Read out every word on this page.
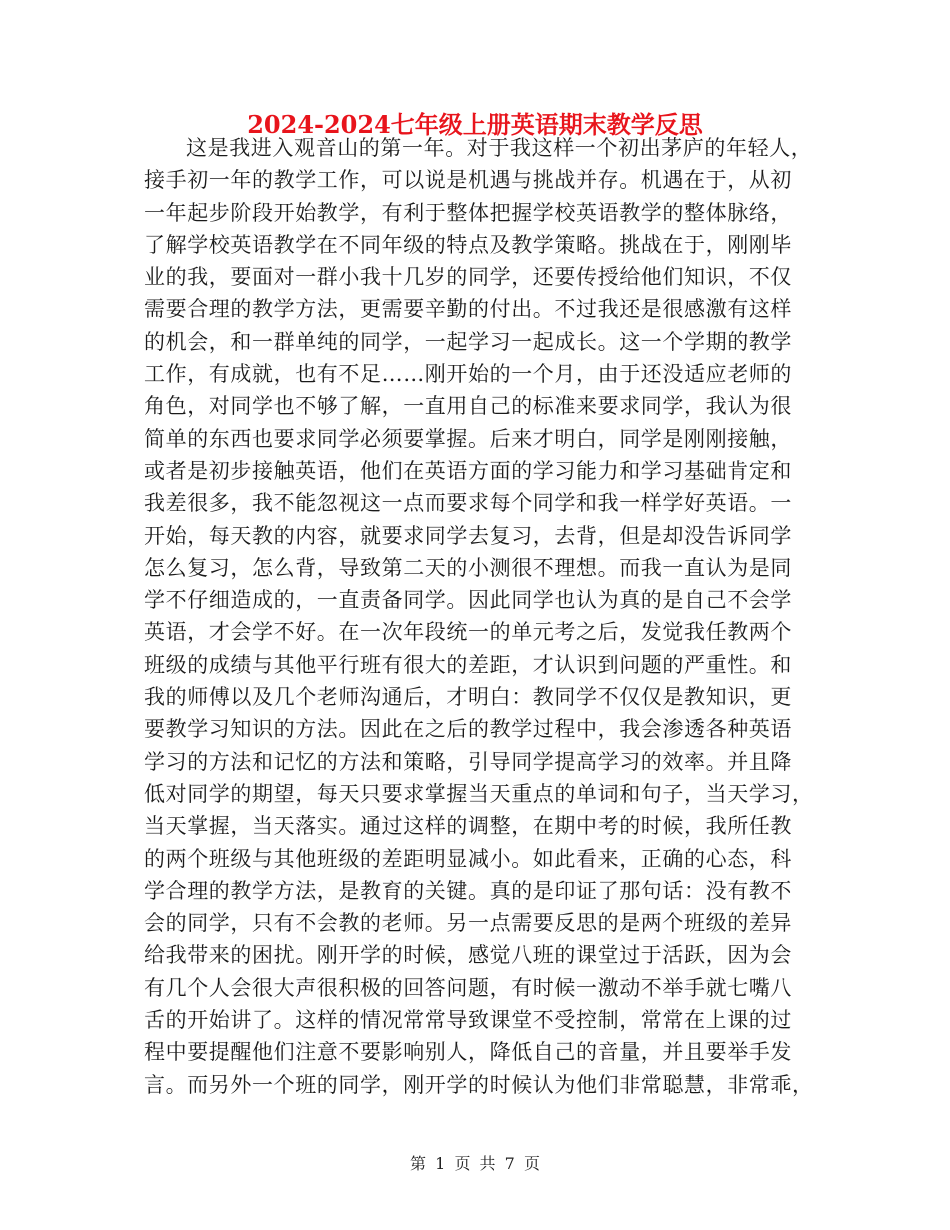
2024-2024七年级上册英语期末教学反思
这是我进入观音山的第一年。对于我这样一个初出茅庐的年轻人，
接手初一年的教学工作，可以说是机遇与挑战并存。机遇在于，从初
一年起步阶段开始教学，有利于整体把握学校英语教学的整体脉络，
了解学校英语教学在不同年级的特点及教学策略。挑战在于，刚刚毕
业的我，要面对一群小我十几岁的同学，还要传授给他们知识，不仅
需要合理的教学方法，更需要辛勤的付出。不过我还是很感激有这样
的机会，和一群单纯的同学，一起学习一起成长。这一个学期的教学
工作，有成就，也有不足……刚开始的一个月，由于还没适应老师的
角色，对同学也不够了解，一直用自己的标准来要求同学，我认为很
简单的东西也要求同学必须要掌握。后来才明白，同学是刚刚接触，
或者是初步接触英语，他们在英语方面的学习能力和学习基础肯定和
我差很多，我不能忽视这一点而要求每个同学和我一样学好英语。一
开始，每天教的内容，就要求同学去复习，去背，但是却没告诉同学
怎么复习，怎么背，导致第二天的小测很不理想。而我一直认为是同
学不仔细造成的，一直责备同学。因此同学也认为真的是自己不会学
英语，才会学不好。在一次年段统一的单元考之后，发觉我任教两个
班级的成绩与其他平行班有很大的差距，才认识到问题的严重性。和
我的师傅以及几个老师沟通后，才明白：教同学不仅仅是教知识，更
要教学习知识的方法。因此在之后的教学过程中，我会渗透各种英语
学习的方法和记忆的方法和策略，引导同学提高学习的效率。并且降
低对同学的期望，每天只要求掌握当天重点的单词和句子，当天学习，
当天掌握，当天落实。通过这样的调整，在期中考的时候，我所任教
的两个班级与其他班级的差距明显减小。如此看来，正确的心态，科
学合理的教学方法，是教育的关键。真的是印证了那句话：没有教不
会的同学，只有不会教的老师。另一点需要反思的是两个班级的差异
给我带来的困扰。刚开学的时候，感觉八班的课堂过于活跃，因为会
有几个人会很大声很积极的回答问题，有时候一激动不举手就七嘴八
舌的开始讲了。这样的情况常常导致课堂不受控制，常常在上课的过
程中要提醒他们注意不要影响别人，降低自己的音量，并且要举手发
言。而另外一个班的同学，刚开学的时候认为他们非常聪慧，非常乖，
第 1 页 共 7 页
